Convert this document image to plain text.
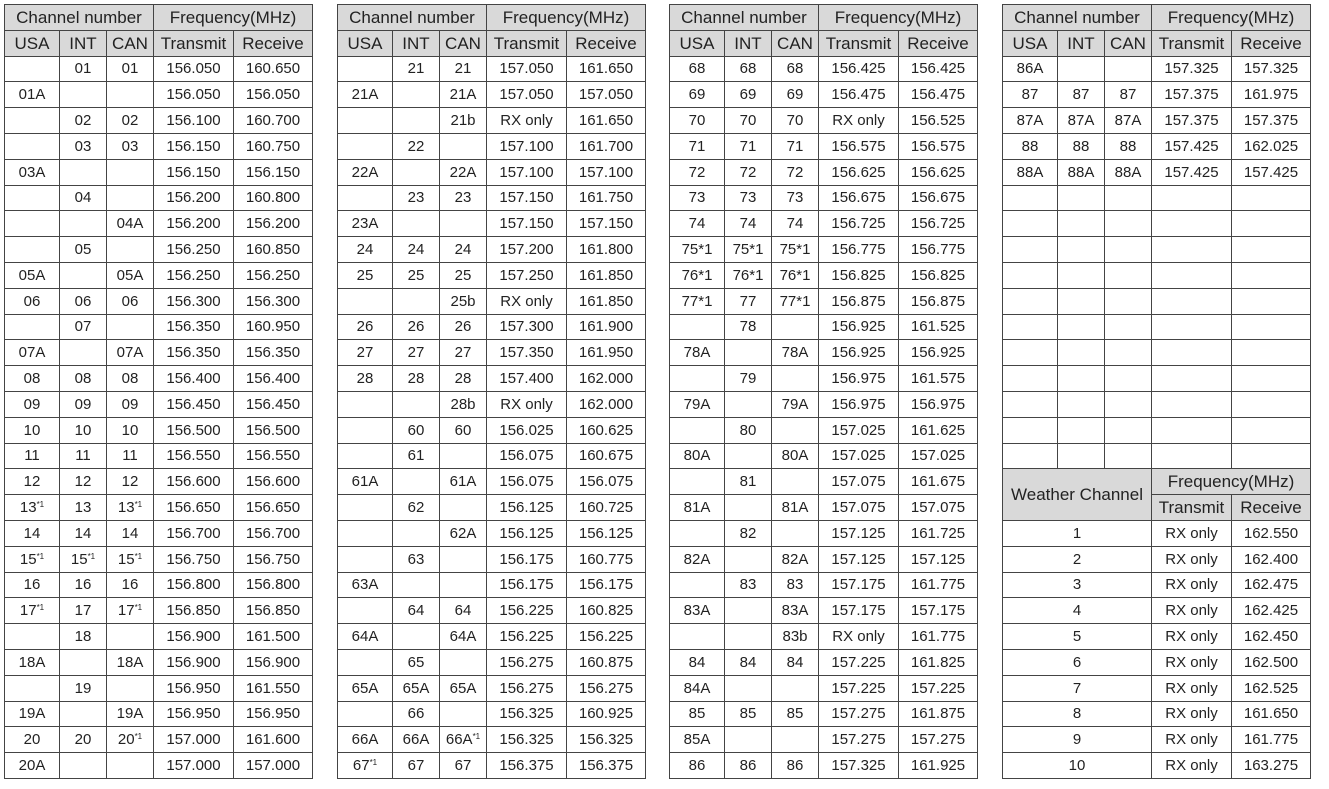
Channel number			Frequency(MHz)	
USA	INT	CAN	Transmit	Receive
	01	01	156.050	160.650
01A			156.050	156.050
	02	02	156.100	160.700
	03	03	156.150	160.750
03A			156.150	156.150
	04		156.200	160.800
		04A	156.200	156.200
	05		156.250	160.850
05A		05A	156.250	156.250
06	06	06	156.300	156.300
	07		156.350	160.950
07A		07A	156.350	156.350
08	08	08	156.400	156.400
09	09	09	156.450	156.450
10	10	10	156.500	156.500
11	11	11	156.550	156.550
12	12	12	156.600	156.600
13$^{*1}$	13	13$^{*1}$	156.650	156.650
14	14	14	156.700	156.700
15$^{*1}$	15$^{*1}$	15$^{*1}$	156.750	156.750
16	16	16	156.800	156.800
17$^{*1}$	17	17$^{*1}$	156.850	156.850
	18		156.900	161.500
18A		18A	156.900	156.900
	19		156.950	161.550
19A		19A	156.950	156.950
20	20	20$^{*1}$	157.000	161.600
20A			157.000	157.000
Channel number			Frequency(MHz)	
USA	INT	CAN	Transmit	Receive
	21	21	157.050	161.650
21A		21A	157.050	157.050
		21b	RX only	161.650
	22		157.100	161.700
22A		22A	157.100	157.100
	23	23	157.150	161.750
23A			157.150	157.150
24	24	24	157.200	161.800
25	25	25	157.250	161.850
		25b	RX only	161.850
26	26	26	157.300	161.900
27	27	27	157.350	161.950
28	28	28	157.400	162.000
		28b	RX only	162.000
	60	60	156.025	160.625
	61		156.075	160.675
61A		61A	156.075	156.075
	62		156.125	160.725
		62A	156.125	156.125
	63		156.175	160.775
63A			156.175	156.175
	64	64	156.225	160.825
64A		64A	156.225	156.225
	65		156.275	160.875
65A	65A	65A	156.275	156.275
	66		156.325	160.925
66A	66A	$66A^{*1}$	156.325	156.325
67$^{*1}$	67	67	156.375	156.375
Channel number			Frequency(MHz)	
USA	INT	CAN	Transmit	Receive
68	68	68	156.425	156.425
69	69	69	156.475	156.475
70	70	70	RX only	156.525
71	71	71	156.575	156.575
72	72	72	156.625	156.625
73	73	73	156.675	156.675
74	74	74	156.725	156.725
75*1	75*1	75*1	156.775	156.775
76*1	76*1	76*1	156.825	156.825
77*1	77	77*1	156.875	156.875
	78		156.925	161.525
78A		78A	156.925	156.925
	79		156.975	161.575
79A		79A	156.975	156.975
	80		157.025	161.625
80A		80A	157.025	157.025
	81		157.075	161.675
81A		81A	157.075	157.075
	82		157.125	161.725
82A		82A	157.125	157.125
	83	83	157.175	161.775
83A		83A	157.175	157.175
		83b	RX only	161.775
84	84	84	157.225	161.825
84A			157.225	157.225
85	85	85	157.275	161.875
85A			157.275	157.275
86	86	86	157.325	161.925
Channel number			Frequency(MHz)	
USA	INT	CAN	Transmit	Receive
86A			157.325	157.325
87	87	87	157.375	161.975
87A	87A	87A	157.375	157.375
88	88	88	157.425	162.025
88A	88A	88A	157.425	157.425

Weather Channel			Frequency(MHz)	
			Transmit	Receive
1			RX only	162.550
2			RX only	162.400
3			RX only	162.475
4			RX only	162.425
5			RX only	162.450
6			RX only	162.500
7			RX only	162.525
8			RX only	161.650
9			RX only	161.775
10			RX only	163.275
